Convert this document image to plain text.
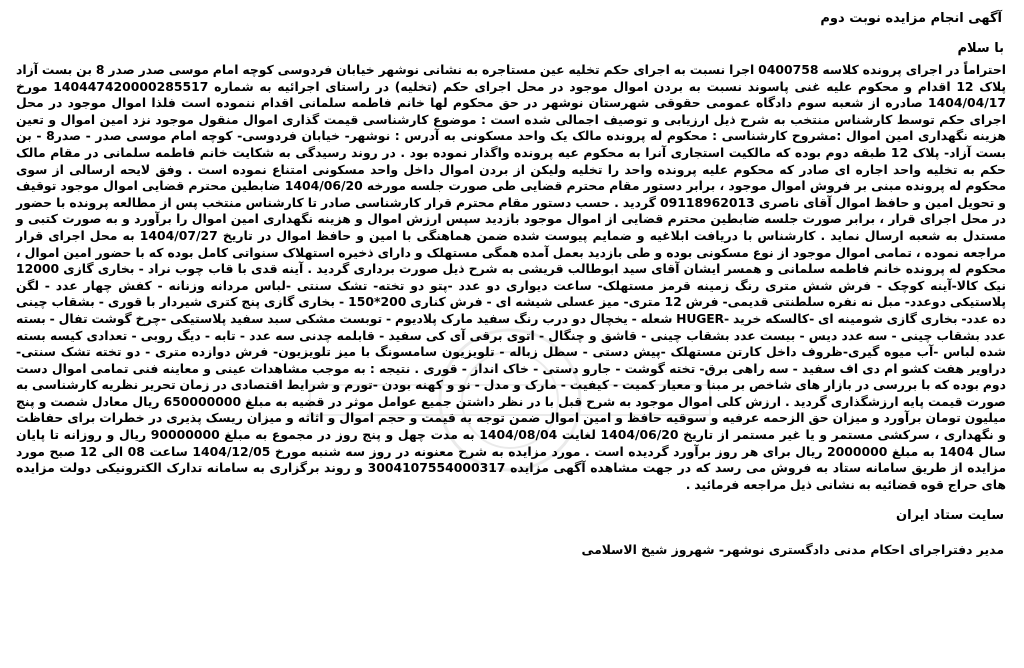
آگهی انجام مزایده نوبت دوم
با سلام
احتراماً در اجرای پرونده کلاسه 0400758 اجرا نسبت به اجرای حکم تخلیه عین مستاجره به نشانی نوشهر خیابان فردوسی کوچه امام موسی صدر صدر 8 بن بست آزاد پلاک 12 اقدام و محکوم علیه غنی پاسوند نسبت به بردن اموال موجود در محل اجرای حکم (تخلیه) در راستای اجرائیه به شماره 140447420000285517 مورخ 1404/04/17 صادره از شعبه سوم دادگاه عمومی حقوقی شهرستان نوشهر در حق محکوم لها خانم فاطمه سلمانی اقدام ننموده است فلذا اموال موجود در محل اجرای حکم توسط کارشناس منتخب به شرح ذیل ارزیابی و توصیف اجمالی شده است : موضوع کارشناسی قیمت گذاری اموال منقول موجود نزد امین اموال و تعین هزینه نگهداری امین اموال :مشروح کارشناسی : محکوم له پرونده مالک یک واحد مسکونی به آدرس : نوشهر- خیابان فردوسی- کوچه امام موسی صدر - صدر8 - بن بست آزاد- پلاک 12 طبقه دوم بوده که مالکیت استجاری آنرا به محکوم عیه پرونده واگذار نموده بود . در روند رسیدگی به شکایت خانم فاطمه سلمانی در مقام مالک حکم به تخلیه واحد اجاره ای صادر که محکوم علیه پرونده واحد را تخلیه ولیکن از بردن اموال داخل واحد مسکونی امتناع نموده است . وفق لایحه ارسالی از سوی محکوم له پرونده مبنی بر فروش اموال موجود ، برابر دستور مقام محترم قضایی طی صورت جلسه مورخه 1404/06/20 ضابطین محترم قضایی اموال موجود توقیف و تحویل امین و حافظ اموال آقای ناصری 09118962013 گردید . حسب دستور مقام محترم قرار کارشناسی صادر تا کارشناس منتخب پس از مطالعه پرونده با حضور در محل اجرای قرار ، برابر صورت جلسه ضابطین محترم قضایی از اموال موجود بازدید سپس ارزش اموال و هزینه نگهداری امین اموال را برآورد و به صورت کتبی و مستدل به شعبه ارسال نماید . کارشناس با دریافت ابلاغیه و ضمایم پیوست شده ضمن هماهنگی با امین و حافظ اموال در تاریخ 1404/07/27 به محل اجرای قرار مراجعه نموده ، تمامی اموال موجود از نوع مسکونی بوده و طی بازدید بعمل آمده همگی مستهلک و دارای ذخیره استهلاک سنواتی کامل بوده که با حضور امین اموال ، محکوم له پرونده خانم فاطمه سلمانی و همسر ایشان آقای سید ابوطالب قریشی به شرح ذیل صورت برداری گردید . آینه قدی با قاب چوب نراد - بخاری گازی 12000 نیک کالا-آینه کوچک - فرش شش متری رنگ زمینه قرمز مستهلک- ساعت دیواری دو عدد -پتو دو تخته- تشک سنتی -لباس مردانه وزنانه - کفش چهار عدد - لگن پلاستیکی دوعدد- مبل نه نفره سلطنتی قدیمی- فرش 12 متری- میز عسلی شیشه ای - فرش کناری 200*150 - بخاری گازی پنج کتری شیردار با قوری - بشقاب چینی ده عدد- بخاری گازی شومینه ای -کالسکه خرید -HUGER شعله - یخچال دو درب رنگ سفید مارک پلادیوم - توبست مشکی سبد سفید پلاستیکی -چرخ گوشت تفال - بسته عدد بشقاب چینی - سه عدد دیس - بیست عدد بشقاب چینی - قاشق و چنگال - اتوی برقی آی کی سفید - قابلمه چدنی سه عدد - تابه - دیگ روبی - تعدادی کیسه بسته شده لباس -آب میوه گیری-ظروف داخل کارتن مستهلک -پیش دستی - سطل زباله - تلویزیون سامسونگ با میز تلویزیون- فرش دوازده متری - دو تخته تشک سنتی- دراویر هفت کشو ام دی اف سفید - سه راهی برق- تخته گوشت - جارو دستی - خاک انداز - قوری . نتیجه : به موجب مشاهدات عینی و معاینه فنی تمامی اموال دست دوم بوده که با بررسی در بازار های شاخص بر مبنا و معیار کمیت - کیفیت - مارک و مدل - نو و کهنه بودن -تورم و شرایط اقتصادی در زمان تحریر نظریه کارشناسی به صورت قیمت پایه ارزشگذاری گردید . ارزش کلی اموال موجود به شرح قبل با در نظر داشتن جمیع عوامل موثر در قضیه به مبلغ 650000000 ریال معادل شصت و پنج میلیون تومان برآورد و میزان حق الزحمه عرفیه و سوقیه حافظ و امین اموال ضمن توجه به قیمت و حجم اموال و اثاثه و میزان ریسک پذیری در خطرات برای حفاظت و نگهداری ، سرکشی مستمر و یا غیر مستمر از تاریخ 1404/06/20 لغایت 1404/08/04 به مدت چهل و پنج روز در مجموع به مبلغ 90000000 ریال و روزانه تا پایان سال 1404 به مبلغ 2000000 ریال برای هر روز برآورد گردیده است . مورد مزایده به شرح معنونه در روز سه شنبه مورخ 1404/12/05 ساعت 08 الی 12 صبح مورد مزایده از طریق سامانه ستاد به فروش می رسد که در جهت مشاهده آگهی مزایده 3004107554000317 و روند برگزاری به سامانه تدارک الکترونیکی دولت مزایده های حراج قوه قضائیه به نشانی ذیل مراجعه فرمائید .
سایت ستاد ایران
مدیر دفتراجرای احکام مدنی دادگستری نوشهر- شهروز شیخ الاسلامی
